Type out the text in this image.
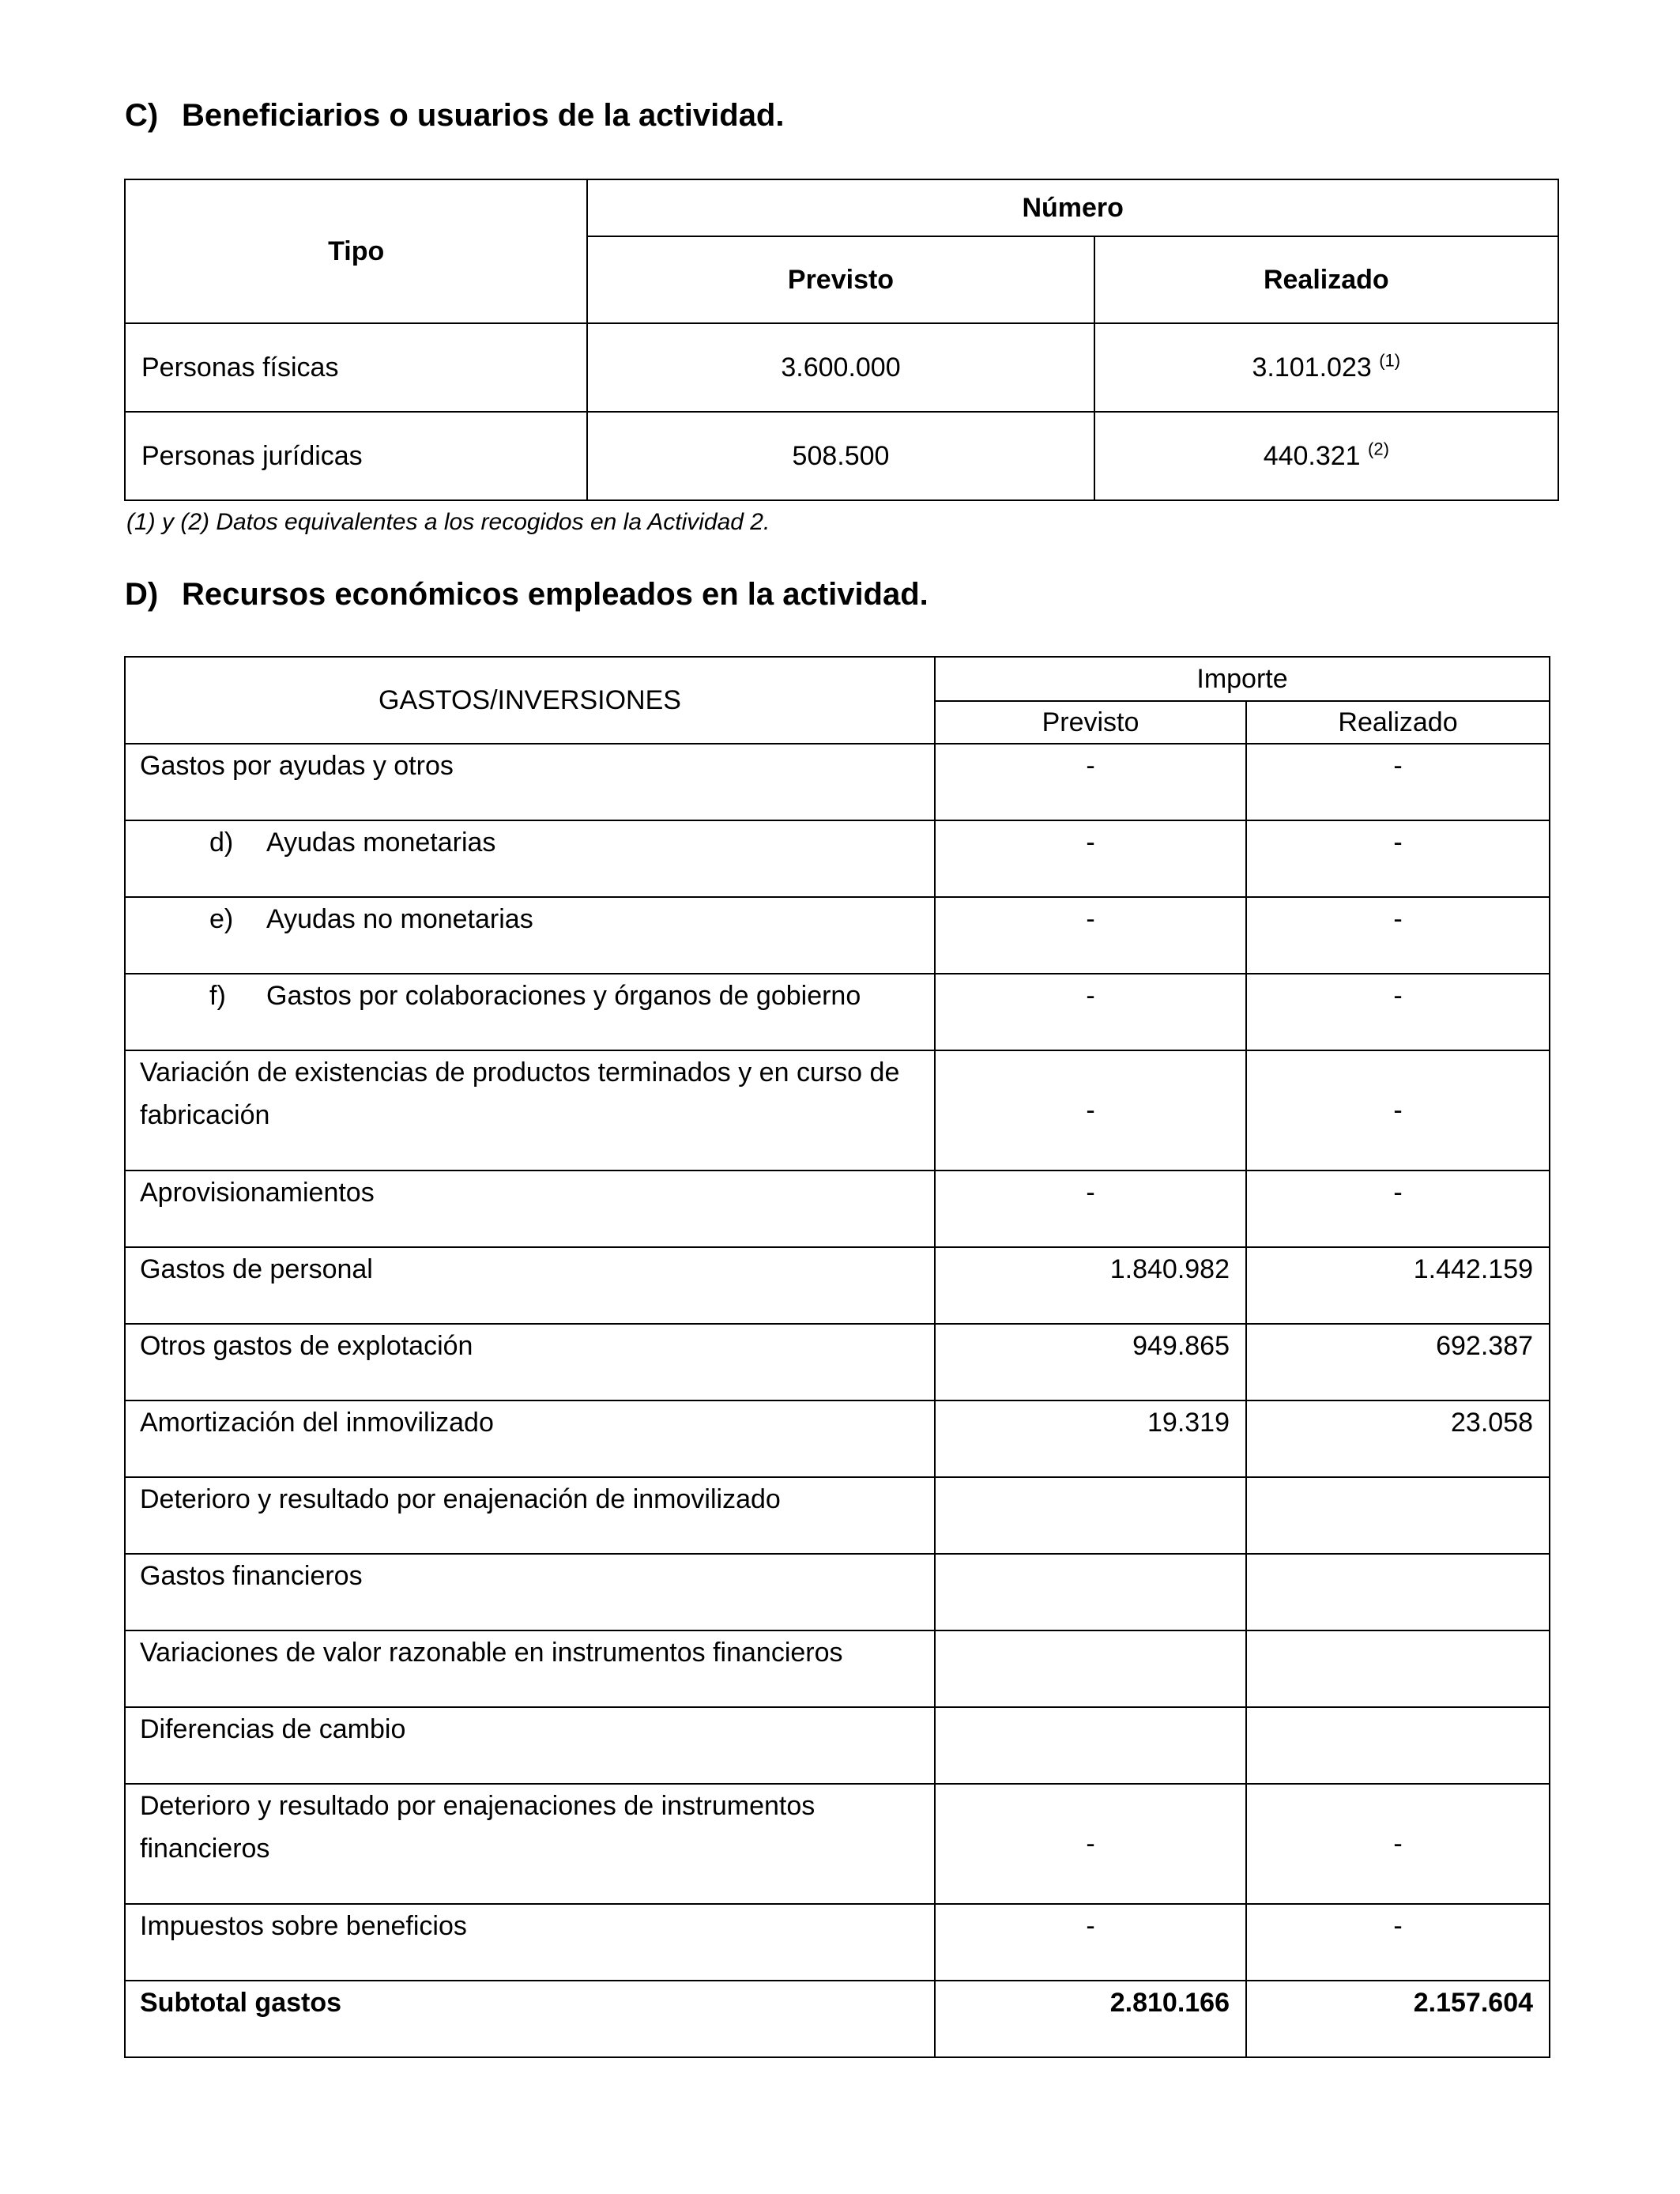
C) Beneficiarios o usuarios de la actividad.
Tipo	Número	
	Previsto	Realizado
Personas físicas	3.600.000	3.101.023 $^{(1)}$
Personas jurídicas	508.500	440.321 $^{(2)}$

(1) y (2) Datos equivalentes a los recogidos en la Actividad 2.

D) Recursos económicos empleados en la actividad.
GASTOS/INVERSIONES	Importe	
	Previsto	Realizado
Gastos por ayudas y otros	-	-
d) Ayudas monetarias	-	-
e) Ayudas no monetarias	-	-
f) Gastos por colaboraciones y órganos de gobierno	-	-
Variación de existencias de productos terminados y en curso de fabricación	-	-
Aprovisionamientos	-	-
Gastos de personal	1.840.982	1.442.159
Otros gastos de explotación	949.865	692.387
Amortización del inmovilizado	19.319	23.058
Deterioro y resultado por enajenación de inmovilizado		
Gastos financieros		
Variaciones de valor razonable en instrumentos financieros		
Diferencias de cambio		
Deterioro y resultado por enajenaciones de instrumentos financieros	-	-
Impuestos sobre beneficios	-	-
Subtotal gastos	2.810.166	2.157.604
